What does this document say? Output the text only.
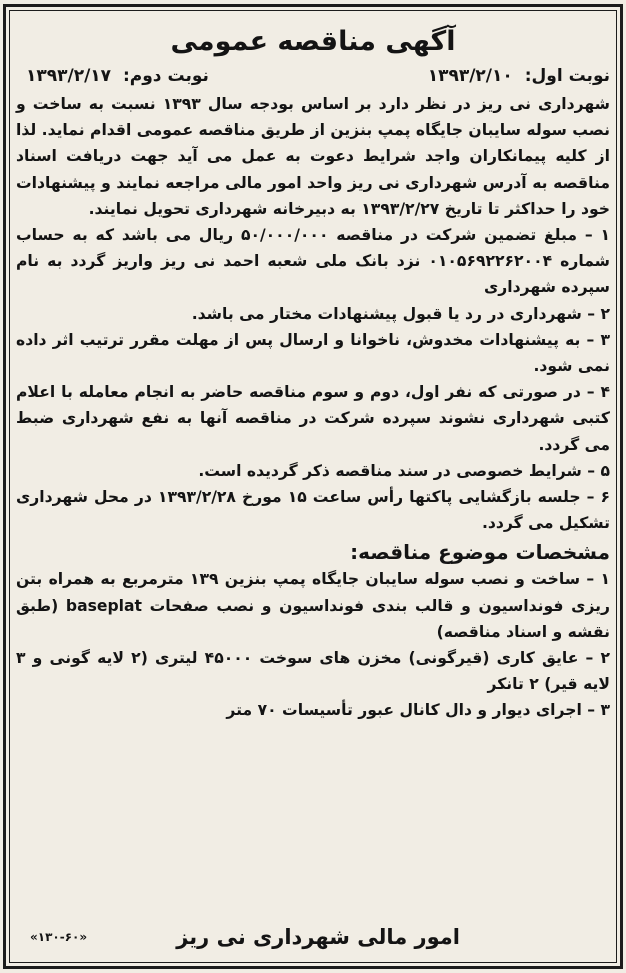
آگهی مناقصه عمومی
نوبت اول: ۱۳۹۳/۲/۱۰
نوبت دوم: ۱۳۹۳/۲/۱۷

شهرداری نی ریز در نظر دارد بر اساس بودجه سال ۱۳۹۳ نسبت به ساخت و نصب سوله سایبان جایگاه پمپ بنزین از طریق مناقصه عمومی اقدام نماید. لذا از کلیه پیمانکاران واجد شرایط دعوت به عمل می آید جهت دریافت اسناد مناقصه به آدرس شهرداری نی ریز واحد امور مالی مراجعه نمایند و پیشنهادات خود را حداکثر تا تاریخ ۱۳۹۳/۲/۲۷ به دبیرخانه شهرداری تحویل نمایند.

۱ – مبلغ تضمین شرکت در مناقصه ۵۰/۰۰۰/۰۰۰ ریال می باشد که به حساب شماره ۰۱۰۵۶۹۲۲۶۲۰۰۴ نزد بانک ملی شعبه احمد نی ریز واریز گردد به نام سپرده شهرداری

۲ – شهرداری در رد یا قبول پیشنهادات مختار می باشد.

۳ – به پیشنهادات مخدوش، ناخوانا و ارسال پس از مهلت مقرر ترتیب اثر داده نمی شود.

۴ – در صورتی که نفر اول، دوم و سوم مناقصه حاضر به انجام معامله با اعلام کتبی شهرداری نشوند سپرده شرکت در مناقصه آنها به نفع شهرداری ضبط می گردد.

۵ – شرایط خصوصی در سند مناقصه ذکر گردیده است.

۶ – جلسه بازگشایی پاکتها رأس ساعت ۱۵ مورخ ۱۳۹۳/۲/۲۸ در محل شهرداری تشکیل می گردد.

مشخصات موضوع مناقصه:

۱ – ساخت و نصب سوله سایبان جایگاه پمپ بنزین ۱۳۹ مترمربع به همراه بتن ریزی فونداسیون و قالب بندی فونداسیون و نصب صفحات baseplat (طبق نقشه و اسناد مناقصه)

۲ – عایق کاری (قیرگونی) مخزن های سوخت ۴۵۰۰۰ لیتری (۲ لایه گونی و ۳ لایه قیر) ۲ تانکر

۳ – اجرای دیوار و دال کانال عبور تأسیسات ۷۰ متر

امور مالی شهرداری نی ریز
«۱۳۰-۶۰»
